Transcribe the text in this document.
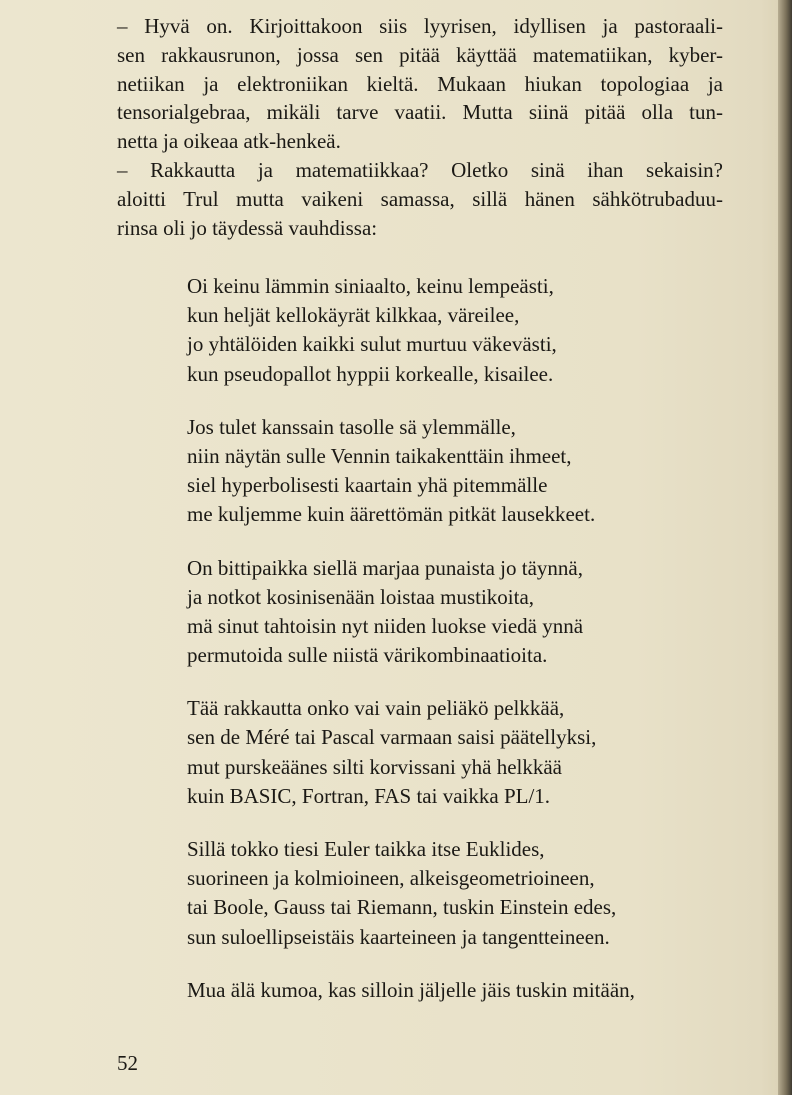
– Hyvä on. Kirjoittakoon siis lyyrisen, idyllisen ja pastoraali-
sen rakkausrunon, jossa sen pitää käyttää matematiikan, kyber-
netiikan ja elektroniikan kieltä. Mukaan hiukan topologiaa ja
tensorialgebraa, mikäli tarve vaatii. Mutta siinä pitää olla tun-
netta ja oikeaa atk-henkeä.
– Rakkautta ja matematiikkaa? Oletko sinä ihan sekaisin?
aloitti Trul mutta vaikeni samassa, sillä hänen sähkötrubaduu-
rinsa oli jo täydessä vauhdissa:
Oi keinu lämmin siniaalto, keinu lempeästi,
kun heljät kellokäyrät kilkkaa, väreilee,
jo yhtälöiden kaikki sulut murtuu väkevästi,
kun pseudopallot hyppii korkealle, kisailee.
Jos tulet kanssain tasolle sä ylemmälle,
niin näytän sulle Vennin taikakenttäin ihmeet,
siel hyperbolisesti kaartain yhä pitemmälle
me kuljemme kuin äärettömän pitkät lausekkeet.
On bittipaikka siellä marjaa punaista jo täynnä,
ja notkot kosinisenään loistaa mustikoita,
mä sinut tahtoisin nyt niiden luokse viedä ynnä
permutoida sulle niistä värikombinaatioita.
Tää rakkautta onko vai vain peliäkö pelkkää,
sen de Méré tai Pascal varmaan saisi päätellyksi,
mut purskeäänes silti korvissani yhä helkkää
kuin BASIC, Fortran, FAS tai vaikka PL/1.
Sillä tokko tiesi Euler taikka itse Euklides,
suorineen ja kolmioineen, alkeisgeometrioineen,
tai Boole, Gauss tai Riemann, tuskin Einstein edes,
sun suloellipseistäis kaarteineen ja tangentteineen.
Mua älä kumoa, kas silloin jäljelle jäis tuskin mitään,
52
